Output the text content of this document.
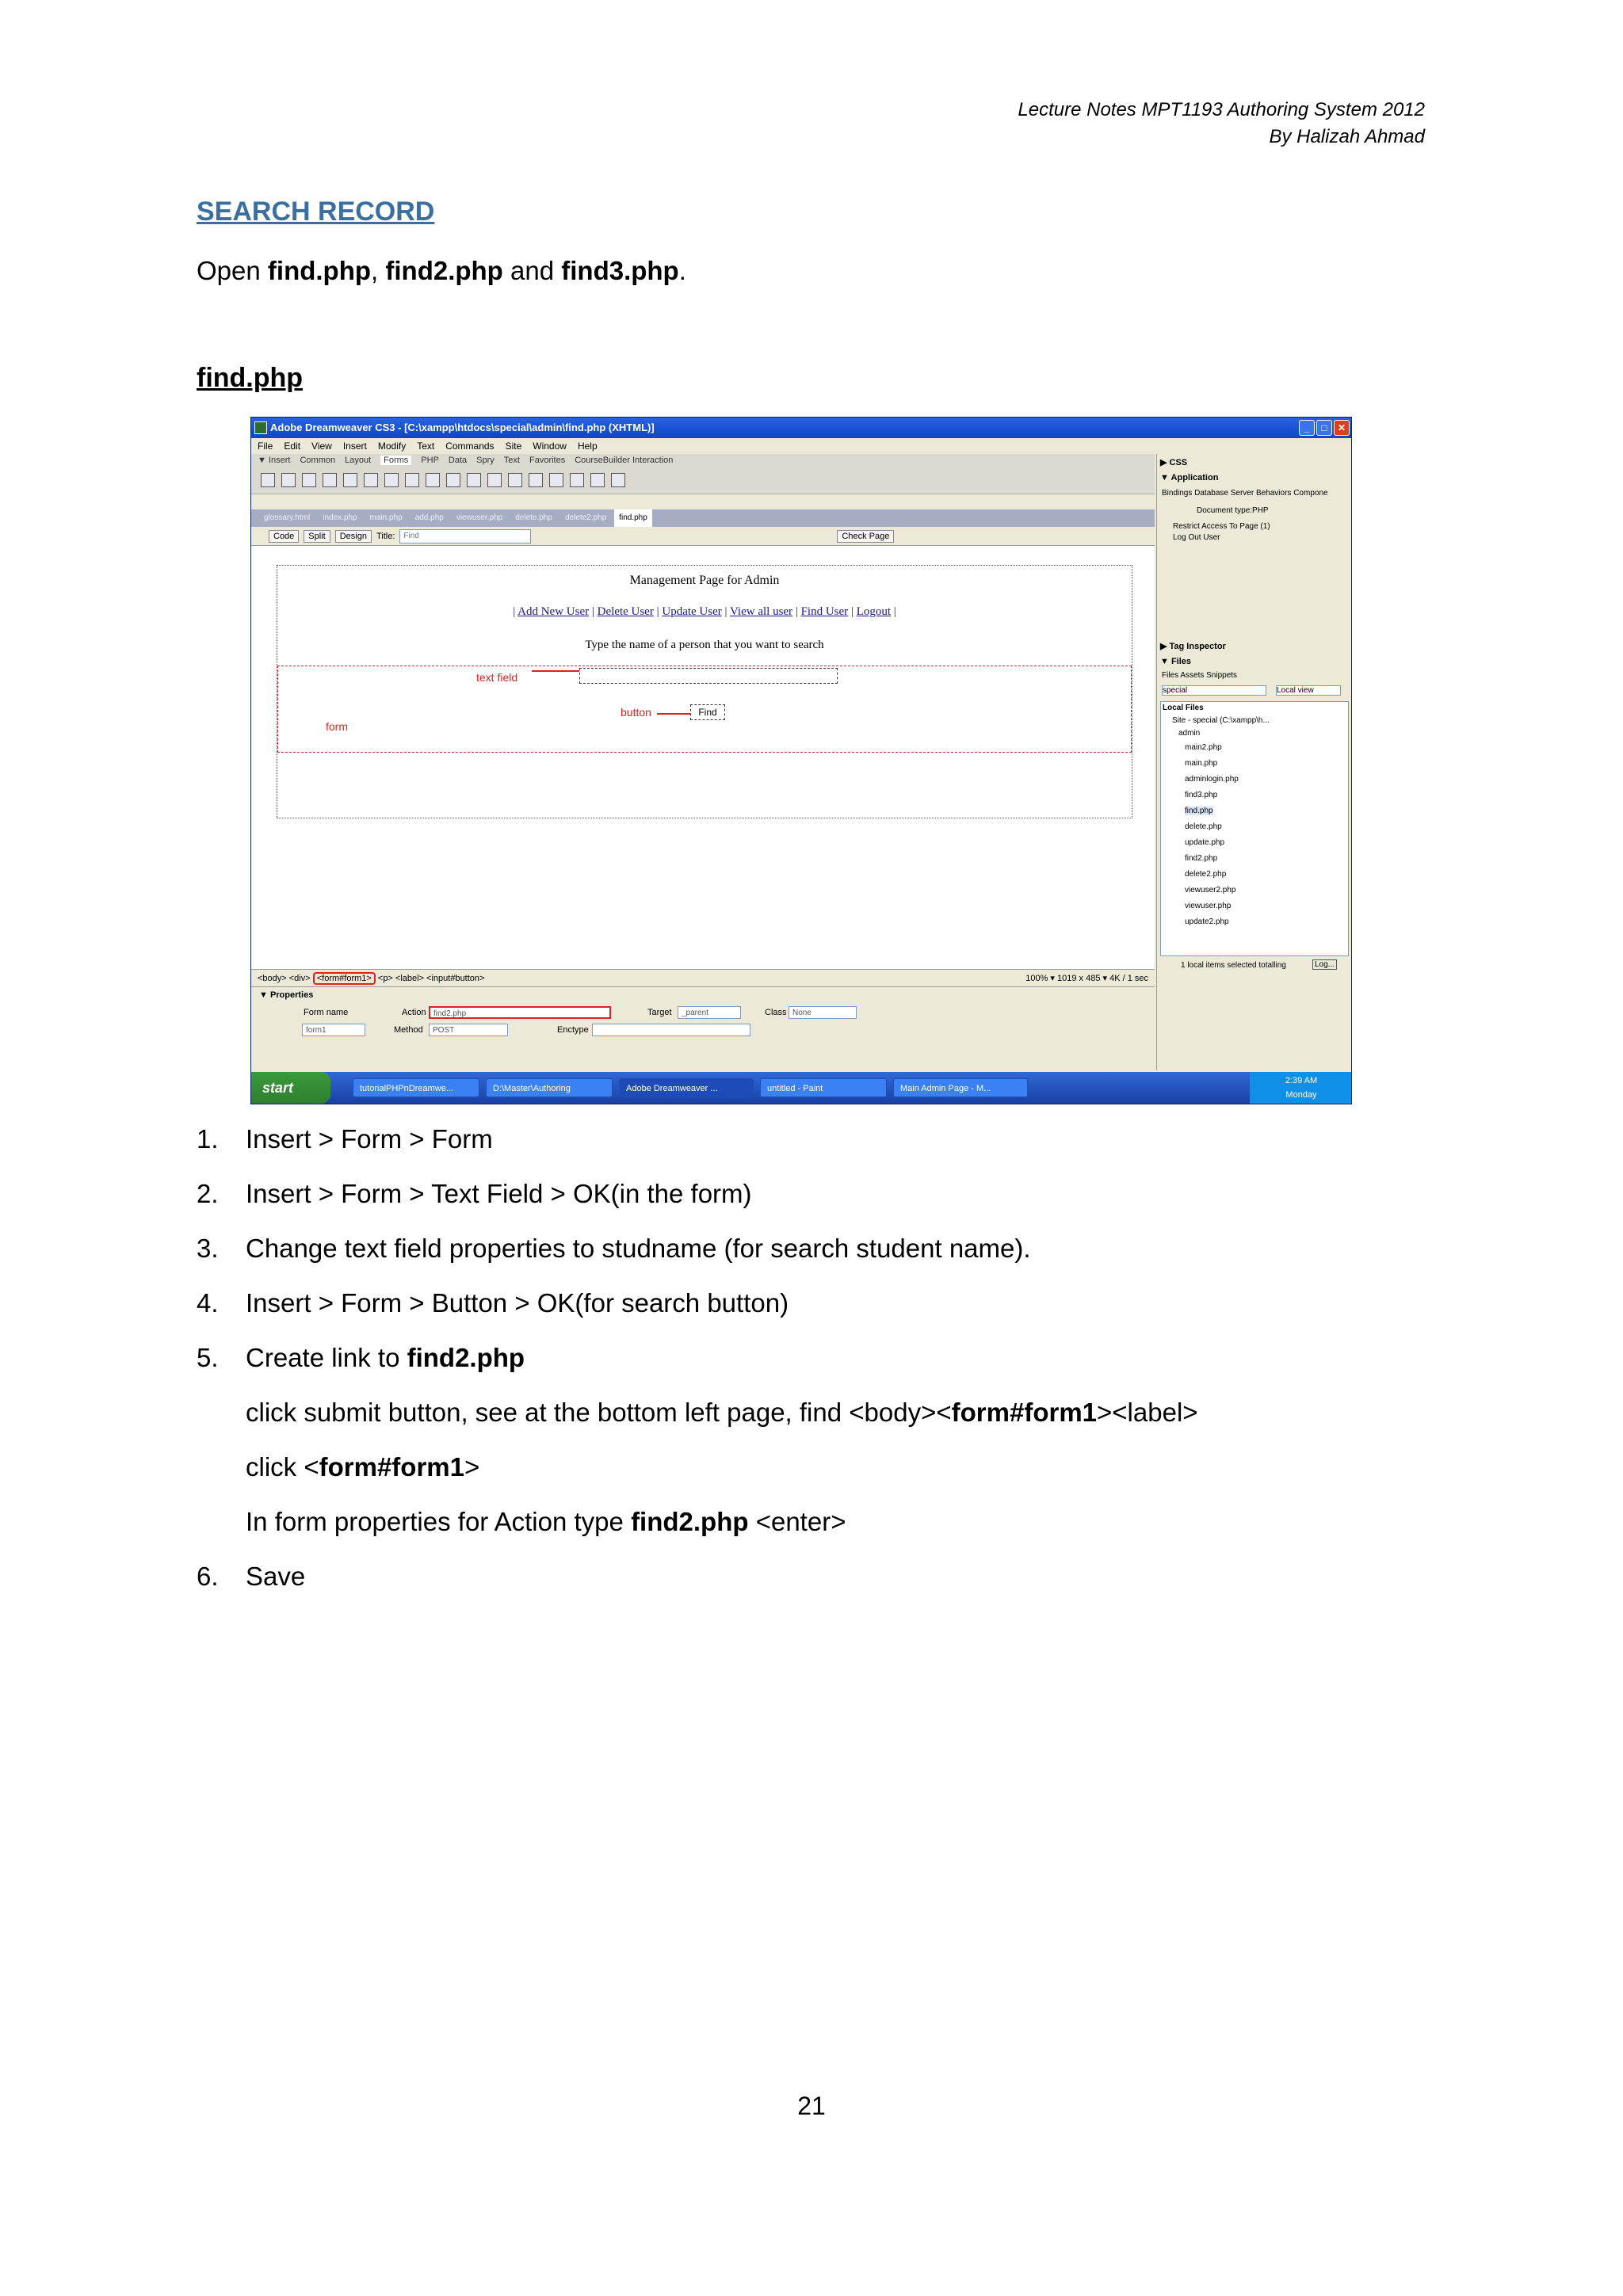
Lecture Notes MPT1193 Authoring System 2012
By Halizah Ahmad
SEARCH RECORD
Open find.php, find2.php and find3.php.
find.php
Adobe Dreamweaver CS3 - [C:\xampp\htdocs\special\admin\find.php (XHTML)]	_	□	✕
File Edit View Insert Modify Text Commands Site Window Help
▼ Insert Common Layout	Forms	PHP Data Spry Text Favorites CourseBuilder Interaction
glossary.html	index.php	main.php	add.php	viewuser.php	delete.php	delete2.php	find.php
Code	Split	Design	Title:	Find	Check Page
Management Page for Admin
| Add New User | Delete User | Update User | View all user | Find User | Logout |
Type the name of a person that you want to search
Find
text field
button
form
<body> <div> <form#form1> <p> <label> <input#button>	100% ▾ 1019 x 485 ▾ 4K / 1 sec
▼ Properties
Form name
form1
Action find2.php	Target	_parent	Class None
Method	POST	Enctype
▶ CSS
▼ Application
Bindings Database Server Behaviors Compone
Document type:PHP
Restrict Access To Page (1)
Log Out User
▶ Tag Inspector
▼ Files
Files Assets Snippets
special	Local view
Local Files
Site - special (C:\xampp\h...
admin
main2.php
main.php
adminlogin.php
find3.php
find.php
delete.php
update.php
find2.php
delete2.php
viewuser2.php
viewuser.php
update2.php
1 local items selected totalling	Log...
start	tutorialPHPnDreamwe...	D:\Master\Authoring	Adobe Dreamweaver ...	untitled - Paint	Main Admin Page - M...
2:39 AM
Monday
1.	Insert > Form > Form
2.	Insert > Form > Text Field > OK(in the form)
3.	Change text field properties to studname (for search student name).
4.	Insert > Form > Button > OK(for search button)
5.	Create link to find2.php
click submit button, see at the bottom left page, find <body><form#form1><label>
click <form#form1>
In form properties for Action type find2.php <enter>
6.	Save
21
